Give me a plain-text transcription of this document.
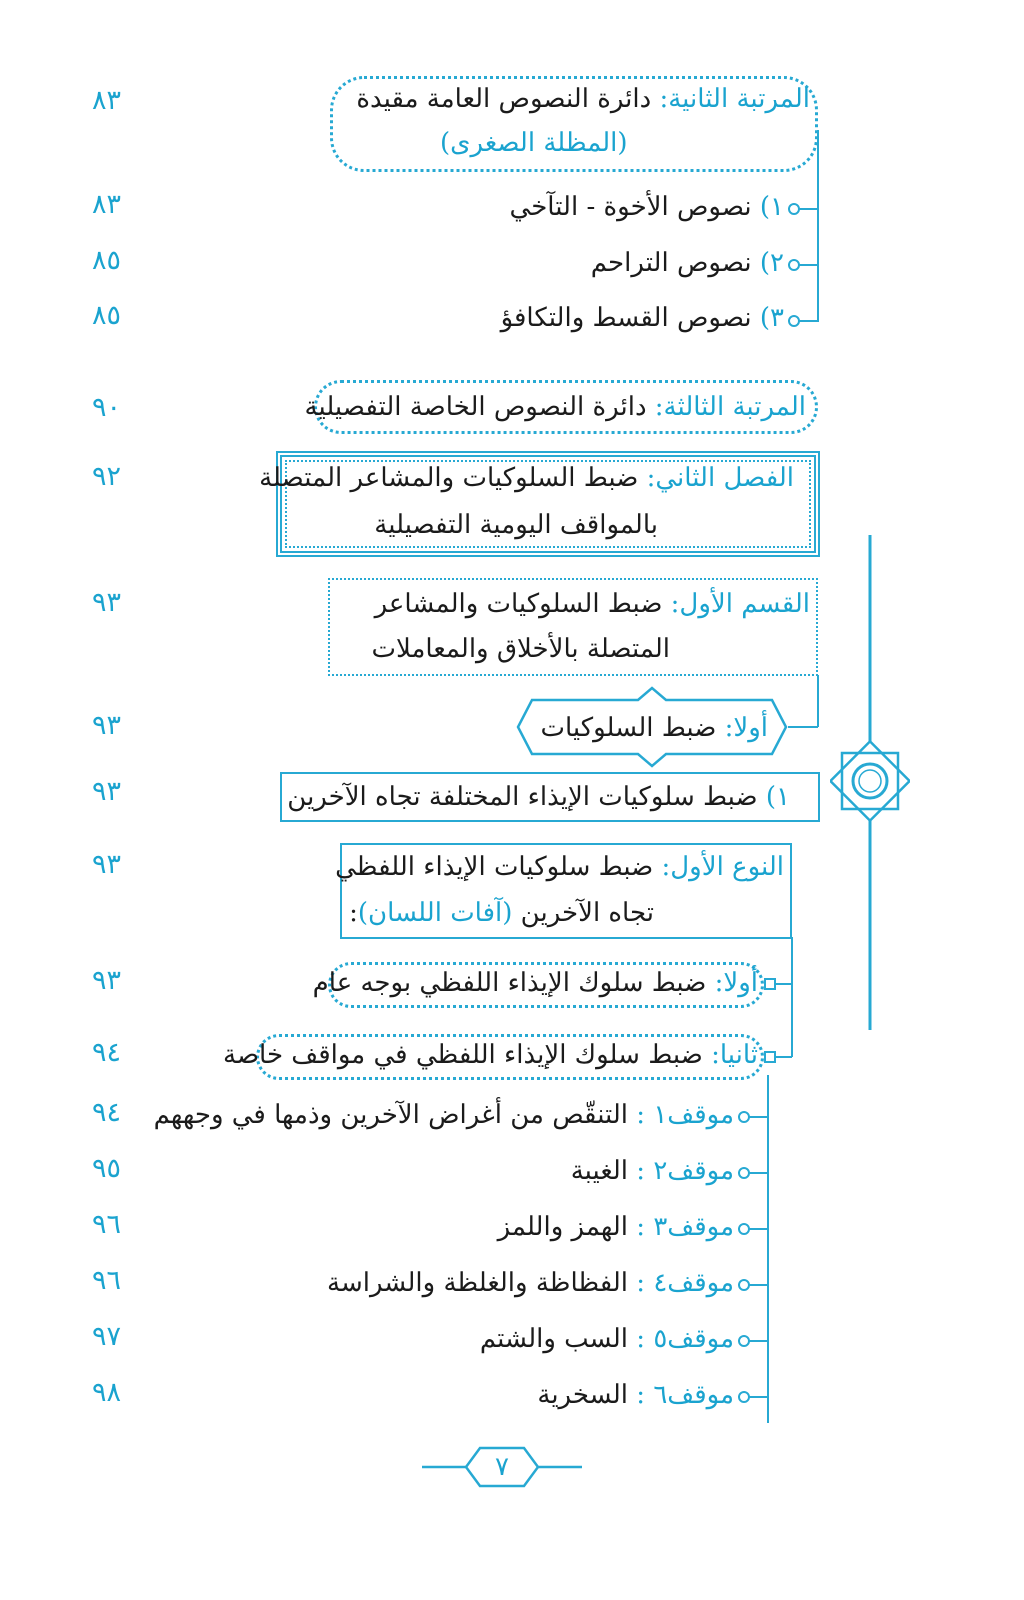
٨٣
٨٣
٨٥
٨٥
٩٠
٩٢
٩٣
٩٣
٩٣
٩٣
٩٣
٩٤
٩٤
٩٥
٩٦
٩٦
٩٧
٩٨
المرتبة الثانية: دائرة النصوص العامة مقيدة
(المظلة الصغرى)
١) نصوص الأخوة - التآخي
٢) نصوص التراحم
٣) نصوص القسط والتكافؤ
المرتبة الثالثة: دائرة النصوص الخاصة التفصيلية
الفصل الثاني: ضبط السلوكيات والمشاعر المتصلة
بالمواقف اليومية التفصيلية
القسم الأول: ضبط السلوكيات والمشاعر
المتصلة بالأخلاق والمعاملات
أولا: ضبط السلوكيات
١) ضبط سلوكيات الإيذاء المختلفة تجاه الآخرين
النوع الأول: ضبط سلوكيات الإيذاء اللفظي
تجاه الآخرين (آفات اللسان):
أولا: ضبط سلوك الإيذاء اللفظي بوجه عام
ثانيا: ضبط سلوك الإيذاء اللفظي في مواقف خاصة
موقف١ : التنقّص من أغراض الآخرين وذمها في وجههم
موقف٢ : الغيبة
موقف٣ : الهمز واللمز
موقف٤ : الفظاظة والغلظة والشراسة
موقف٥ : السب والشتم
موقف٦ : السخرية
٧
